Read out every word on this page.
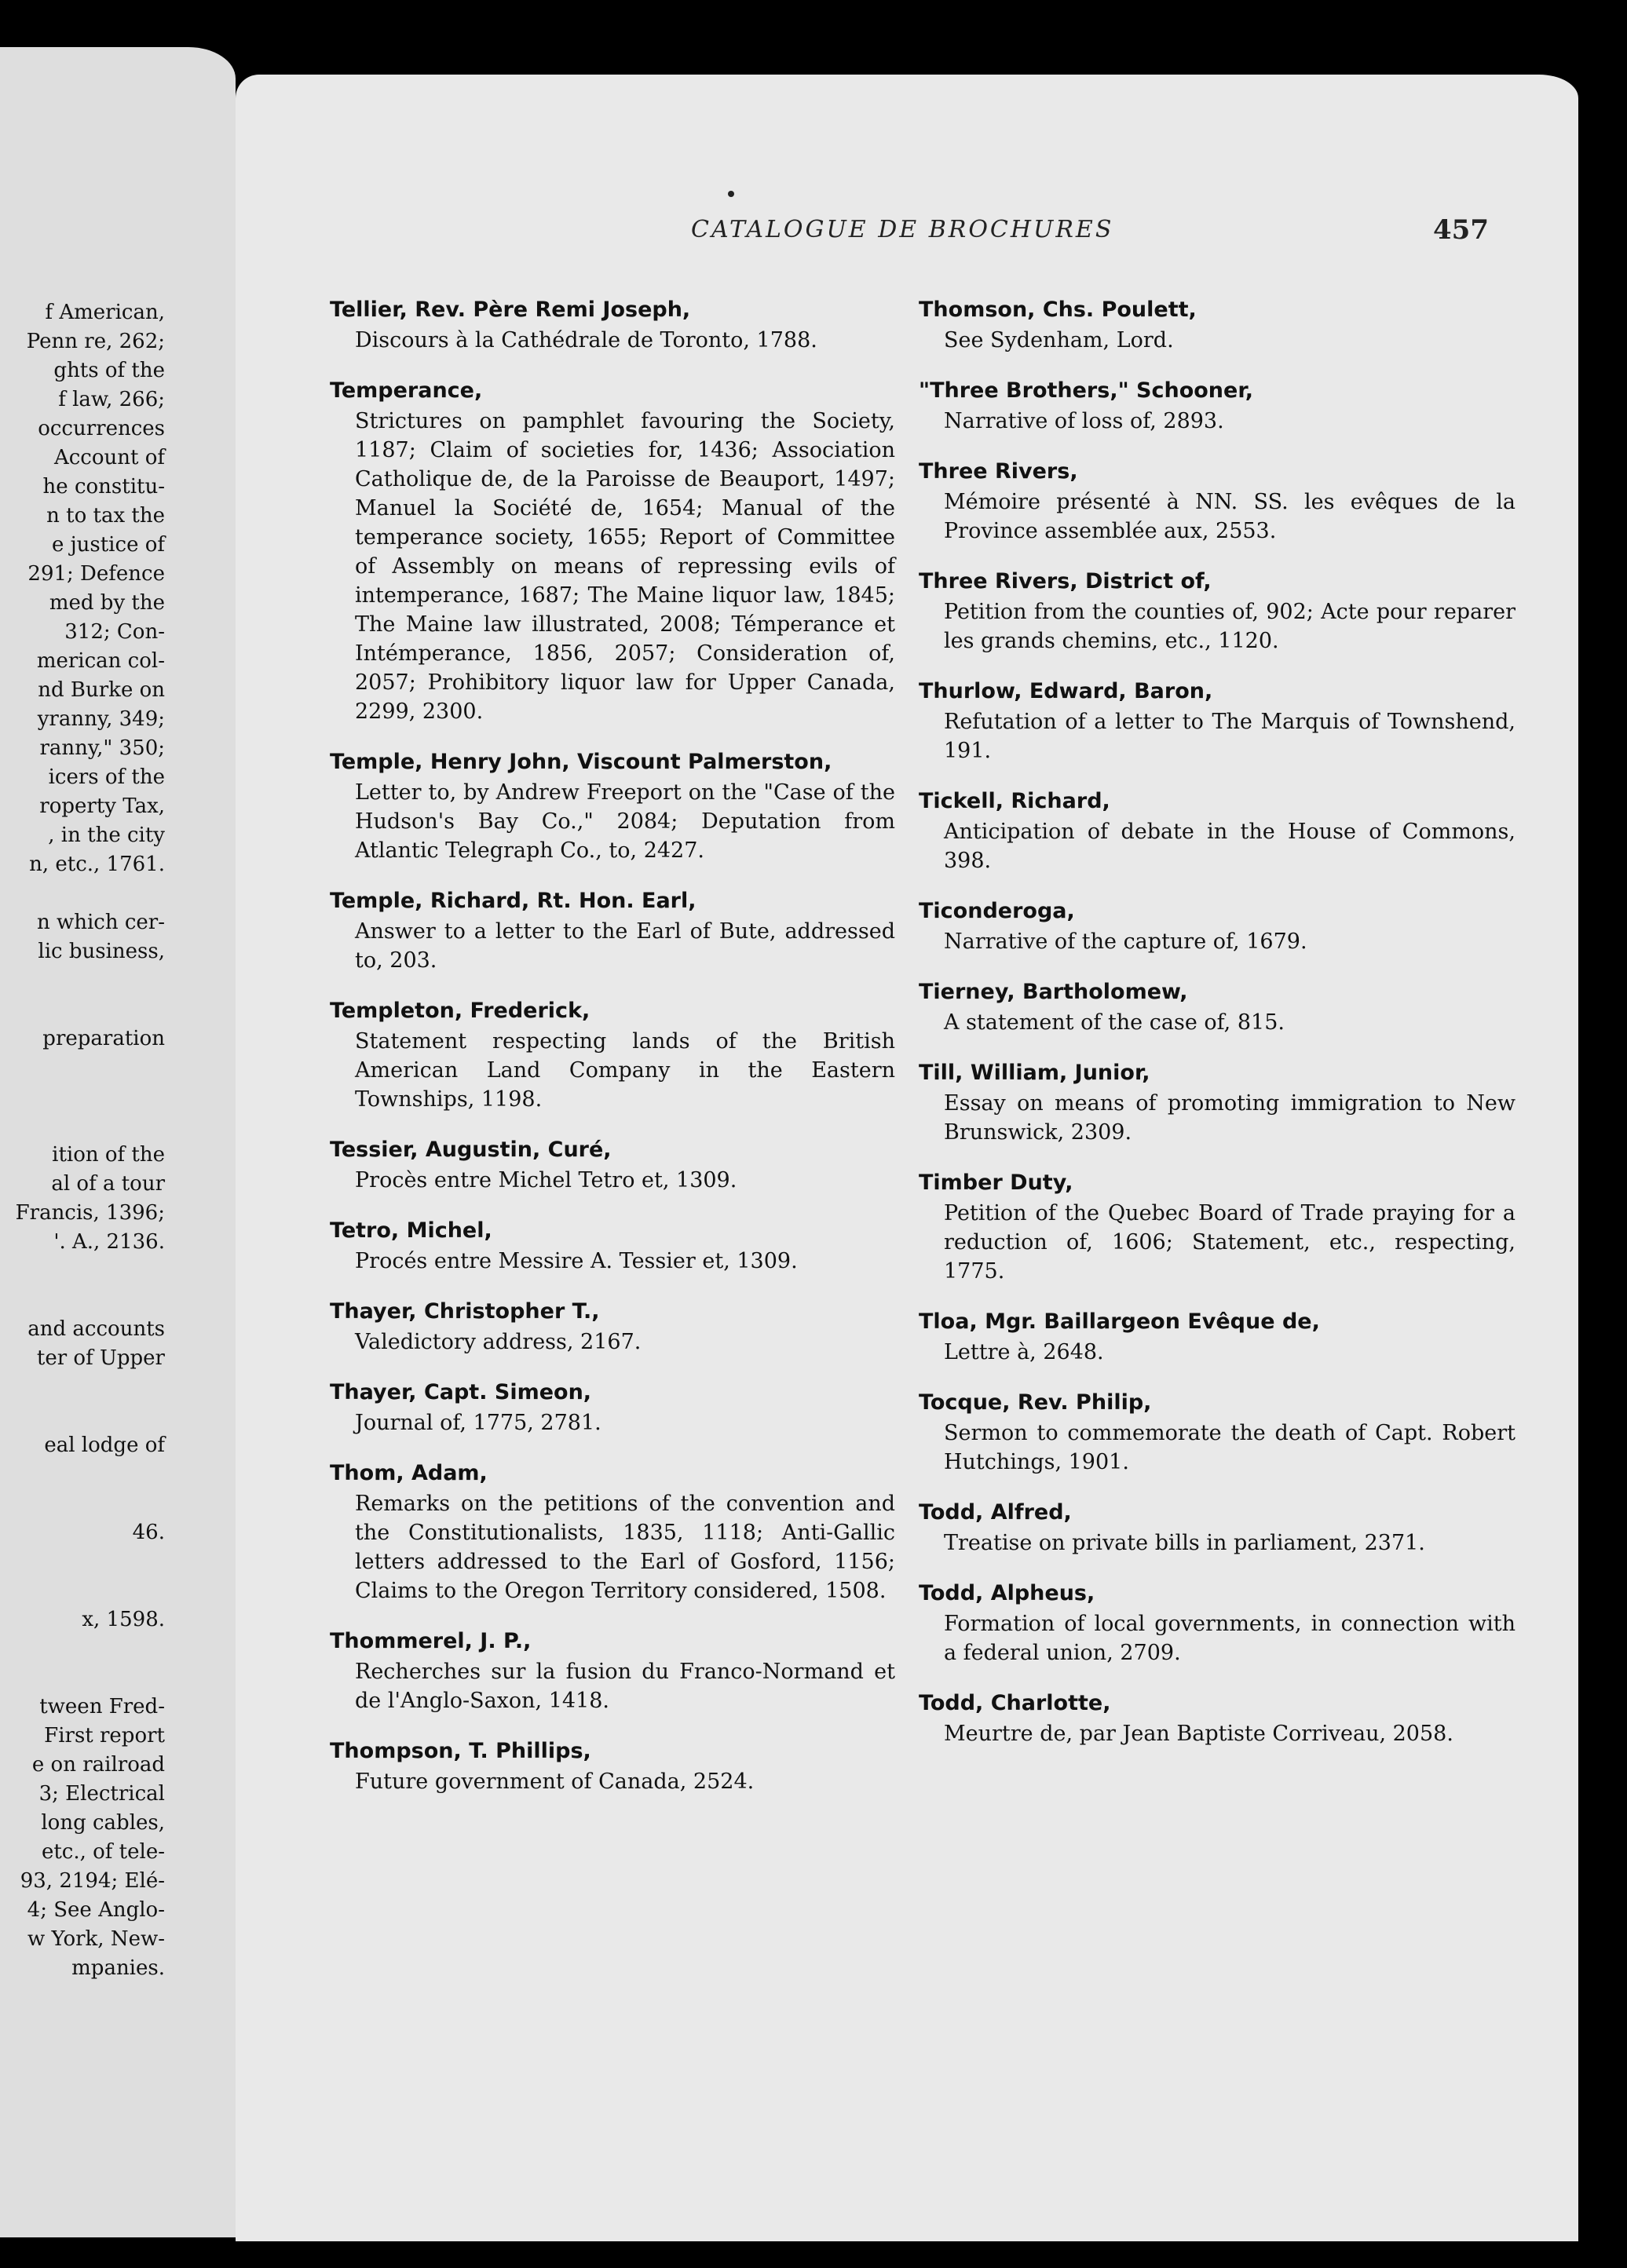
f American,
Penn re, 262;
ghts of the
f law, 266;
occurrences
Account of
he constitu-
n to tax the
e justice of
291; Defence
med by the
312; Con-
merican col-
nd Burke on
yranny, 349;
ranny," 350;
icers of the
roperty Tax,
, in the city
n, etc., 1761.
n which cer-
lic business,
preparation
ition of the
al of a tour
Francis, 1396;
'. A., 2136.
and accounts
ter of Upper
eal lodge of
46.
x, 1598.
tween Fred-
First report
e on railroad
3; Electrical
long cables,
etc., of tele-
93, 2194; Elé-
4; See Anglo-
w York, New-
mpanies.
CATALOGUE DE BROCHURES	457
Tellier, Rev. Père Remi Joseph,
Discours à la Cathédrale de Toronto, 1788.
Temperance,
Strictures on pamphlet favouring the Society, 1187; Claim of societies for, 1436; Association Catholique de, de la Paroisse de Beauport, 1497; Manuel la Société de, 1654; Manual of the temperance society, 1655; Report of Committee of Assembly on means of repressing evils of intemperance, 1687; The Maine liquor law, 1845; The Maine law illustrated, 2008; Témperance et Intémperance, 1856, 2057; Consideration of, 2057; Prohibitory liquor law for Upper Canada, 2299, 2300.
Temple, Henry John, Viscount Palmerston,
Letter to, by Andrew Freeport on the "Case of the Hudson's Bay Co.," 2084; Deputation from Atlantic Telegraph Co., to, 2427.
Temple, Richard, Rt. Hon. Earl,
Answer to a letter to the Earl of Bute, addressed to, 203.
Templeton, Frederick,
Statement respecting lands of the British American Land Company in the Eastern Townships, 1198.
Tessier, Augustin, Curé,
Procès entre Michel Tetro et, 1309.
Tetro, Michel,
Procés entre Messire A. Tessier et, 1309.
Thayer, Christopher T.,
Valedictory address, 2167.
Thayer, Capt. Simeon,
Journal of, 1775, 2781.
Thom, Adam,
Remarks on the petitions of the convention and the Constitutionalists, 1835, 1118; Anti-Gallic letters addressed to the Earl of Gosford, 1156; Claims to the Oregon Territory considered, 1508.
Thommerel, J. P.,
Recherches sur la fusion du Franco-Normand et de l'Anglo-Saxon, 1418.
Thompson, T. Phillips,
Future government of Canada, 2524.
Thomson, Chs. Poulett,
See Sydenham, Lord.
"Three Brothers," Schooner,
Narrative of loss of, 2893.
Three Rivers,
Mémoire présenté à NN. SS. les evêques de la Province assemblée aux, 2553.
Three Rivers, District of,
Petition from the counties of, 902; Acte pour reparer les grands chemins, etc., 1120.
Thurlow, Edward, Baron,
Refutation of a letter to The Marquis of Townshend, 191.
Tickell, Richard,
Anticipation of debate in the House of Commons, 398.
Ticonderoga,
Narrative of the capture of, 1679.
Tierney, Bartholomew,
A statement of the case of, 815.
Till, William, Junior,
Essay on means of promoting immigration to New Brunswick, 2309.
Timber Duty,
Petition of the Quebec Board of Trade praying for a reduction of, 1606; Statement, etc., respecting, 1775.
Tloa, Mgr. Baillargeon Evêque de,
Lettre à, 2648.
Tocque, Rev. Philip,
Sermon to commemorate the death of Capt. Robert Hutchings, 1901.
Todd, Alfred,
Treatise on private bills in parliament, 2371.
Todd, Alpheus,
Formation of local governments, in connection with a federal union, 2709.
Todd, Charlotte,
Meurtre de, par Jean Baptiste Corriveau, 2058.
